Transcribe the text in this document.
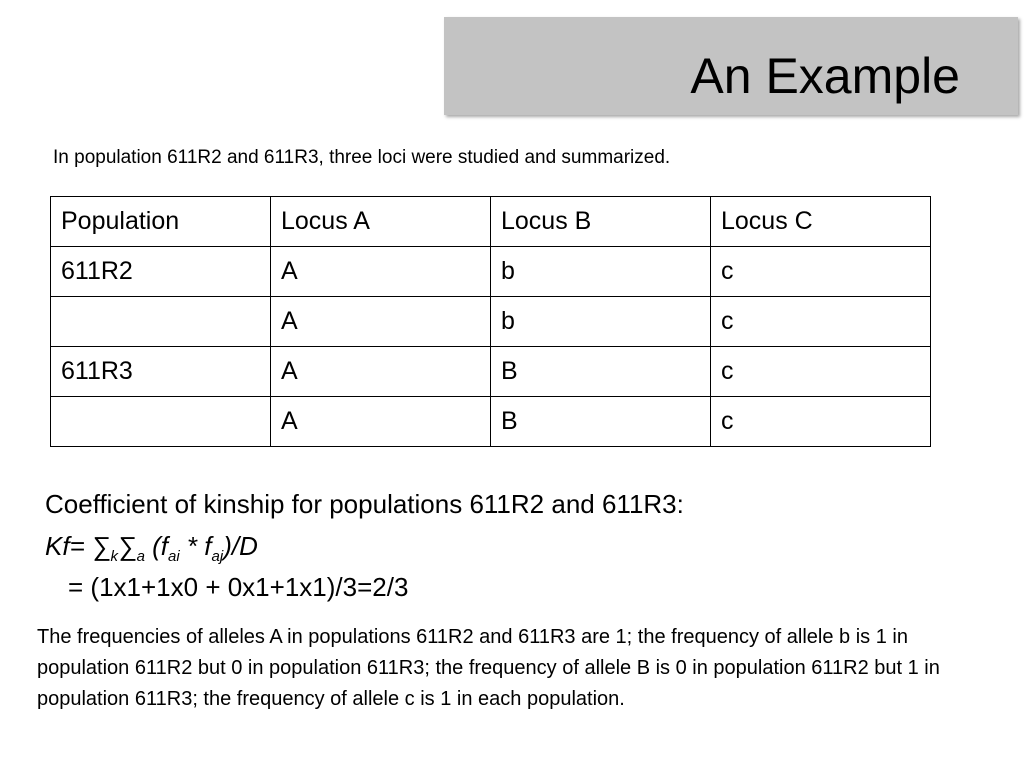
An Example
In population 611R2 and 611R3, three loci were studied and summarized.
Population	Locus A	Locus B	Locus C
611R2	A	b	c
	A	b	c
611R3	A	B	c
	A	B	c
Coefficient of kinship for populations 611R2 and 611R3:
$Kf= \sum_k\sum_a$ $(f_{ai} * f_{aj})/D$
= (1x1+1x0 + 0x1+1x1)/3=2/3
The frequencies of alleles A in populations 611R2 and 611R3 are 1; the frequency of allele b is 1 in population 611R2 but 0 in population 611R3; the frequency of allele B is 0 in population 611R2 but 1 in population 611R3; the frequency of allele c is 1 in each population.
